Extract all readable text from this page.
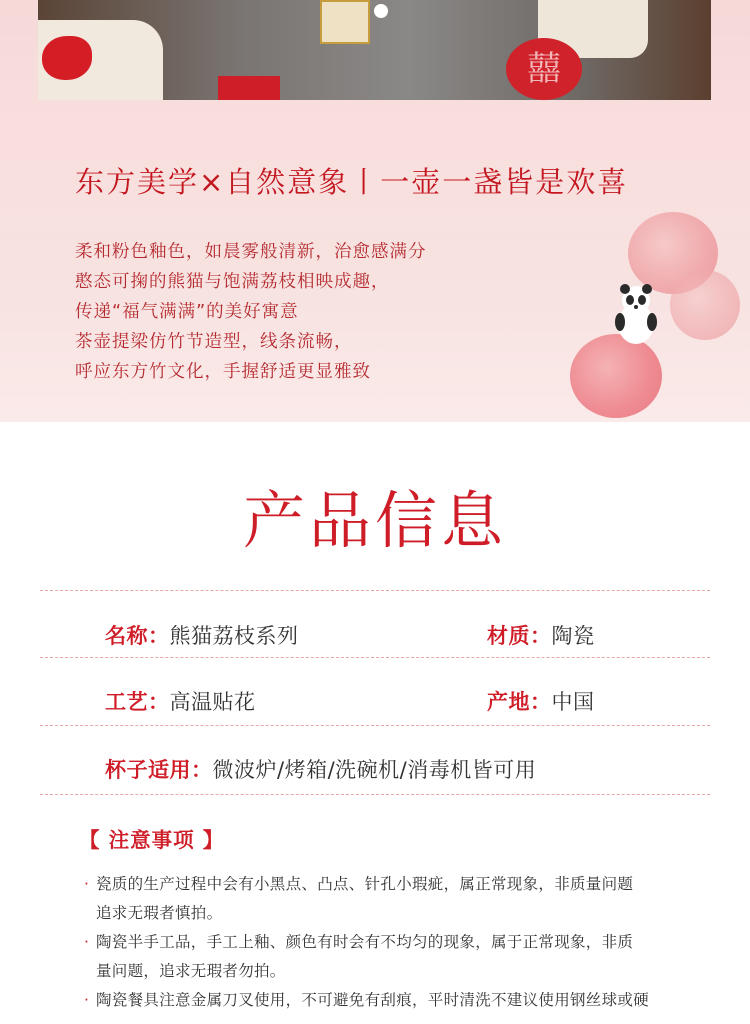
囍
东方美学×自然意象丨一壶一盏皆是欢喜
柔和粉色釉色，如晨雾般清新，治愈感满分
憨态可掬的熊猫与饱满荔枝相映成趣，
传递“福气满满”的美好寓意
茶壶提梁仿竹节造型，线条流畅，
呼应东方竹文化，手握舒适更显雅致
产品信息
名称：熊猫荔枝系列	材质：陶瓷
工艺：高温贴花	产地：中国
杯子适用：微波炉/烤箱/洗碗机/消毒机皆可用
【 注意事项 】
· 瓷质的生产过程中会有小黑点、凸点、针孔小瑕疵，属正常现象，非质量问题
追求无瑕者慎拍。
· 陶瓷半手工品，手工上釉、颜色有时会有不均匀的现象，属于正常现象，非质
量问题，追求无瑕者勿拍。
· 陶瓷餐具注意金属刀叉使用，不可避免有刮痕，平时清洗不建议使用钢丝球或硬
